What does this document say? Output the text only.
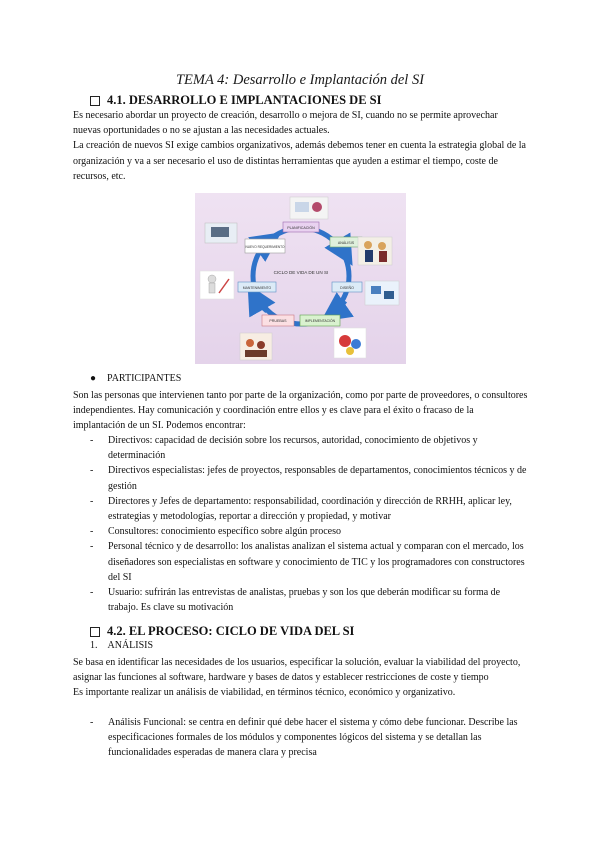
TEMA 4: Desarrollo e Implantación del SI
4.1. DESARROLLO E IMPLANTACIONES DE SI

Es necesario abordar un proyecto de creación, desarrollo o mejora de SI, cuando no se permite aprovechar nuevas oportunidades o no se ajustan a las necesidades actuales.

La creación de nuevos SI exige cambios organizativos, además debemos tener en cuenta la estrategia global de la organización y va a ser necesario el uso de distintas herramientas que ayuden a estimar el tiempo, coste de recursos, etc.

CICLO DE VIDA DE UN SI
PLANIFICACIÓN
ANÁLISIS
DISEÑO
IMPLEMENTACIÓN
PRUEBAS
MANTENIMIENTO
NUEVO REQUERIMIENTO
● PARTICIPANTES

Son las personas que intervienen tanto por parte de la organización, como por parte de proveedores, o consultores independientes. Hay comunicación y coordinación entre ellos y es clave para el éxito o fracaso de la implantación de un SI. Podemos encontrar:

-	Directivos: capacidad de decisión sobre los recursos, autoridad, conocimiento de objetivos y determinación
-	Directivos especialistas: jefes de proyectos, responsables de departamentos, conocimientos técnicos y de gestión
-	Directores y Jefes de departamento: responsabilidad, coordinación y dirección de RRHH, aplicar ley, estrategias y metodologías, reportar a dirección y propiedad, y motivar
-	Consultores: conocimiento específico sobre algún proceso
-	Personal técnico y de desarrollo: los analistas analizan el sistema actual y comparan con el mercado, los diseñadores son especialistas en software y conocimiento de TIC y los programadores con constructores del SI
-	Usuario: sufrirán las entrevistas de analistas, pruebas y son los que deberán modificar su forma de trabajo. Es clave su motivación
4.2. EL PROCESO: CICLO DE VIDA DEL SI
1. ANÁLISIS

Se basa en identificar las necesidades de los usuarios, especificar la solución, evaluar la viabilidad del proyecto, asignar las funciones al software, hardware y bases de datos y establecer restricciones de coste y tiempo

Es importante realizar un análisis de viabilidad, en términos técnico, económico y organizativo.

-	Análisis Funcional: se centra en definir qué debe hacer el sistema y cómo debe funcionar. Describe las especificaciones formales de los módulos y componentes lógicos del sistema y se detallan las funcionalidades esperadas de manera clara y precisa
